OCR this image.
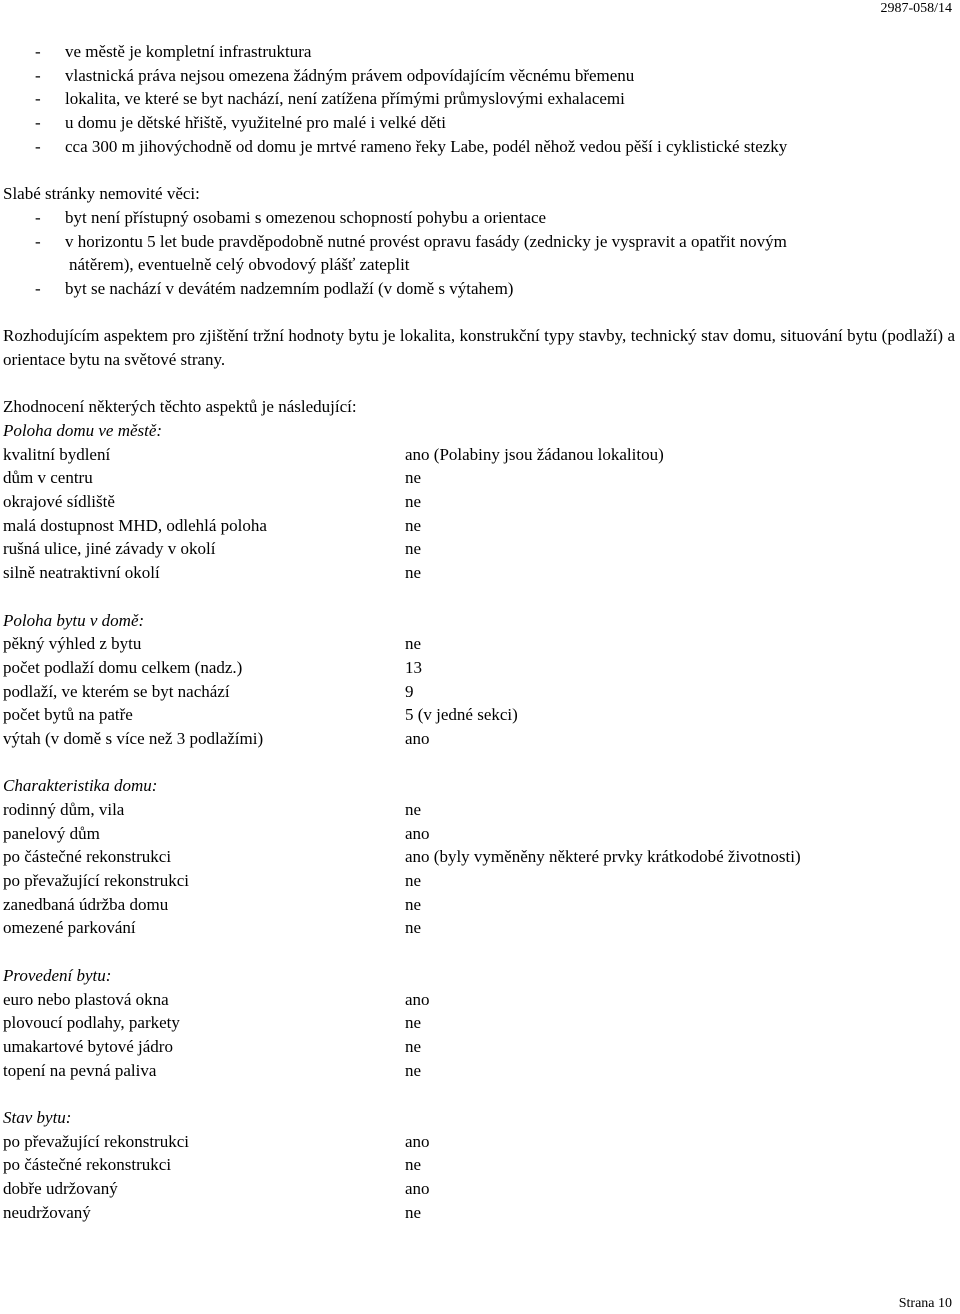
2987-058/14
-	ve městě je kompletní infrastruktura
-	vlastnická práva nejsou omezena žádným právem odpovídajícím věcnému břemenu
-	lokalita, ve které se byt nachází, není zatížena přímými průmyslovými exhalacemi
-	u domu je dětské hřiště, využitelné pro malé i velké děti
-	cca 300 m jihovýchodně od domu je mrtvé rameno řeky Labe, podél něhož vedou pěší i cyklistické stezky
Slabé stránky nemovité věci:
-	byt není přístupný osobami s omezenou schopností pohybu a orientace
-	v horizontu 5 let bude pravděpodobně nutné provést opravu fasády (zednicky je vyspravit a opatřit novým
nátěrem), eventuelně celý obvodový plášť zateplit
-	byt se nachází v devátém nadzemním podlaží (v domě s výtahem)
Rozhodujícím aspektem pro zjištění tržní hodnoty bytu je lokalita, konstrukční typy stavby, technický stav domu, situování bytu (podlaží) a orientace bytu na světové strany.
Zhodnocení některých těchto aspektů je následující:
Poloha domu ve městě:
kvalitní bydlení	ano (Polabiny jsou žádanou lokalitou)
dům v centru	ne
okrajové sídliště	ne
malá dostupnost MHD, odlehlá poloha	ne
rušná ulice, jiné závady v okolí	ne
silně neatraktivní okolí	ne
Poloha bytu v domě:
pěkný výhled z bytu	ne
počet podlaží domu celkem (nadz.)	13
podlaží, ve kterém se byt nachází	9
počet bytů na patře	5 (v jedné sekci)
výtah (v domě s více než 3 podlažími)	ano
Charakteristika domu:
rodinný dům, vila	ne
panelový dům	ano
po částečné rekonstrukci	ano (byly vyměněny některé prvky krátkodobé životnosti)
po převažující rekonstrukci	ne
zanedbaná údržba domu	ne
omezené parkování	ne
Provedení bytu:
euro nebo plastová okna	ano
plovoucí podlahy, parkety	ne
umakartové bytové jádro	ne
topení na pevná paliva	ne
Stav bytu:
po převažující rekonstrukci	ano
po částečné rekonstrukci	ne
dobře udržovaný	ano
neudržovaný	ne
Strana 10
